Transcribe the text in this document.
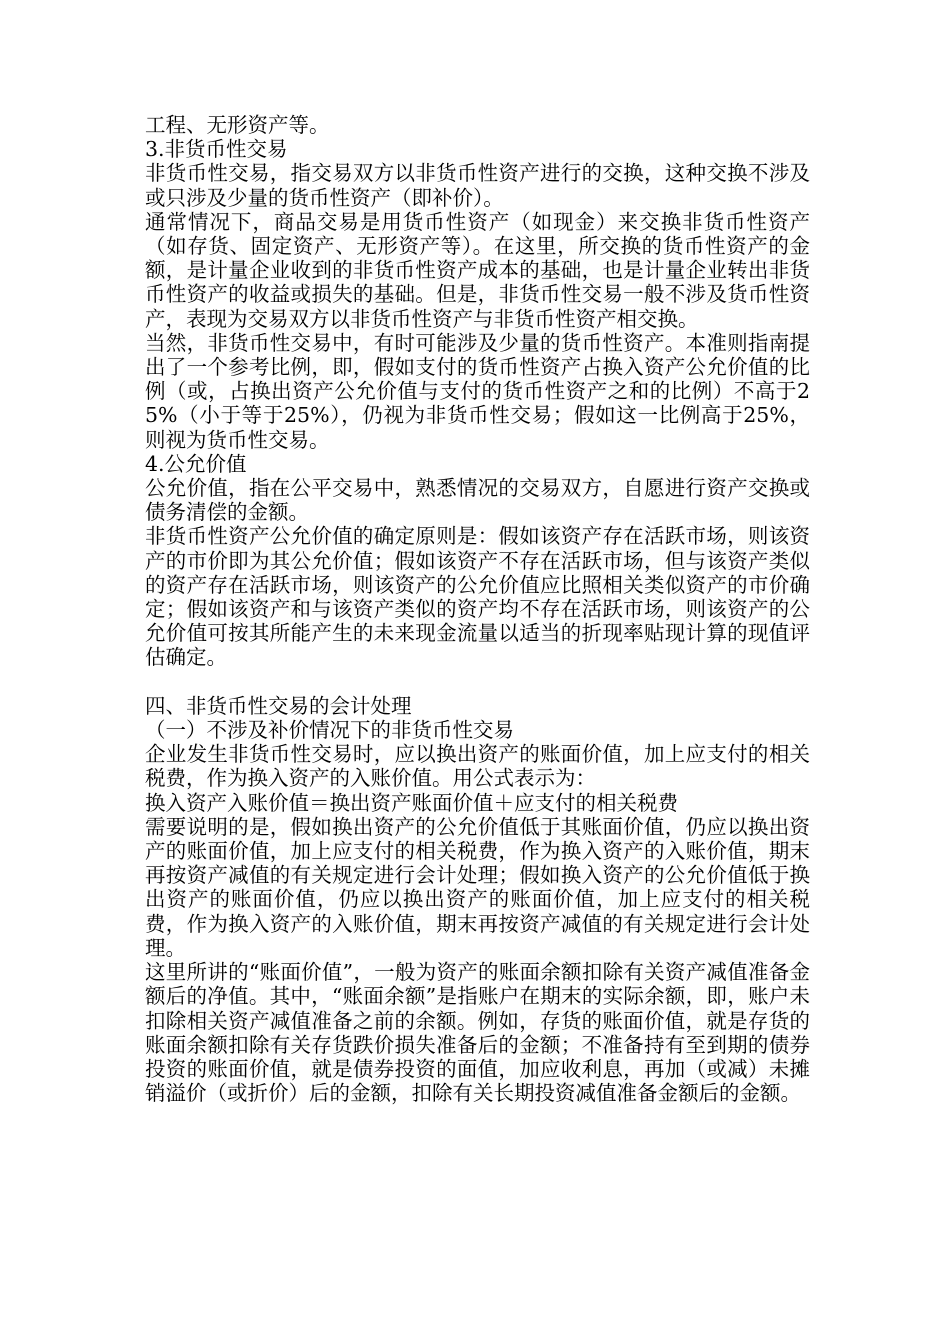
工程、无形资产等。

3.非货币性交易

非货币性交易，指交易双方以非货币性资产进行的交换，这种交换不涉及或只涉及少量的货币性资产（即补价）。

通常情况下，商品交易是用货币性资产（如现金）来交换非货币性资产（如存货、固定资产、无形资产等）。在这里，所交换的货币性资产的金额，是计量企业收到的非货币性资产成本的基础，也是计量企业转出非货币性资产的收益或损失的基础。但是，非货币性交易一般不涉及货币性资产，表现为交易双方以非货币性资产与非货币性资产相交换。

当然，非货币性交易中，有时可能涉及少量的货币性资产。本准则指南提出了一个参考比例，即，假如支付的货币性资产占换入资产公允价值的比例（或，占换出资产公允价值与支付的货币性资产之和的比例）不高于25%（小于等于25%），仍视为非货币性交易；假如这一比例高于25%，则视为货币性交易。

4.公允价值

公允价值，指在公平交易中，熟悉情况的交易双方，自愿进行资产交换或债务清偿的金额。

非货币性资产公允价值的确定原则是：假如该资产存在活跃市场，则该资产的市价即为其公允价值；假如该资产不存在活跃市场，但与该资产类似的资产存在活跃市场，则该资产的公允价值应比照相关类似资产的市价确定；假如该资产和与该资产类似的资产均不存在活跃市场，则该资产的公允价值可按其所能产生的未来现金流量以适当的折现率贴现计算的现值评估确定。

四、非货币性交易的会计处理

（一）不涉及补价情况下的非货币性交易

企业发生非货币性交易时，应以换出资产的账面价值，加上应支付的相关税费，作为换入资产的入账价值。用公式表示为：

换入资产入账价值＝换出资产账面价值＋应支付的相关税费

需要说明的是，假如换出资产的公允价值低于其账面价值，仍应以换出资产的账面价值，加上应支付的相关税费，作为换入资产的入账价值，期末再按资产减值的有关规定进行会计处理；假如换入资产的公允价值低于换出资产的账面价值，仍应以换出资产的账面价值，加上应支付的相关税费，作为换入资产的入账价值，期末再按资产减值的有关规定进行会计处理。

这里所讲的“账面价值”，一般为资产的账面余额扣除有关资产减值准备金额后的净值。其中，“账面余额”是指账户在期末的实际余额，即，账户未扣除相关资产减值准备之前的余额。例如，存货的账面价值，就是存货的账面余额扣除有关存货跌价损失准备后的金额；不准备持有至到期的债券投资的账面价值，就是债券投资的面值，加应收利息，再加（或减）未摊销溢价（或折价）后的金额，扣除有关长期投资减值准备金额后的金额。
